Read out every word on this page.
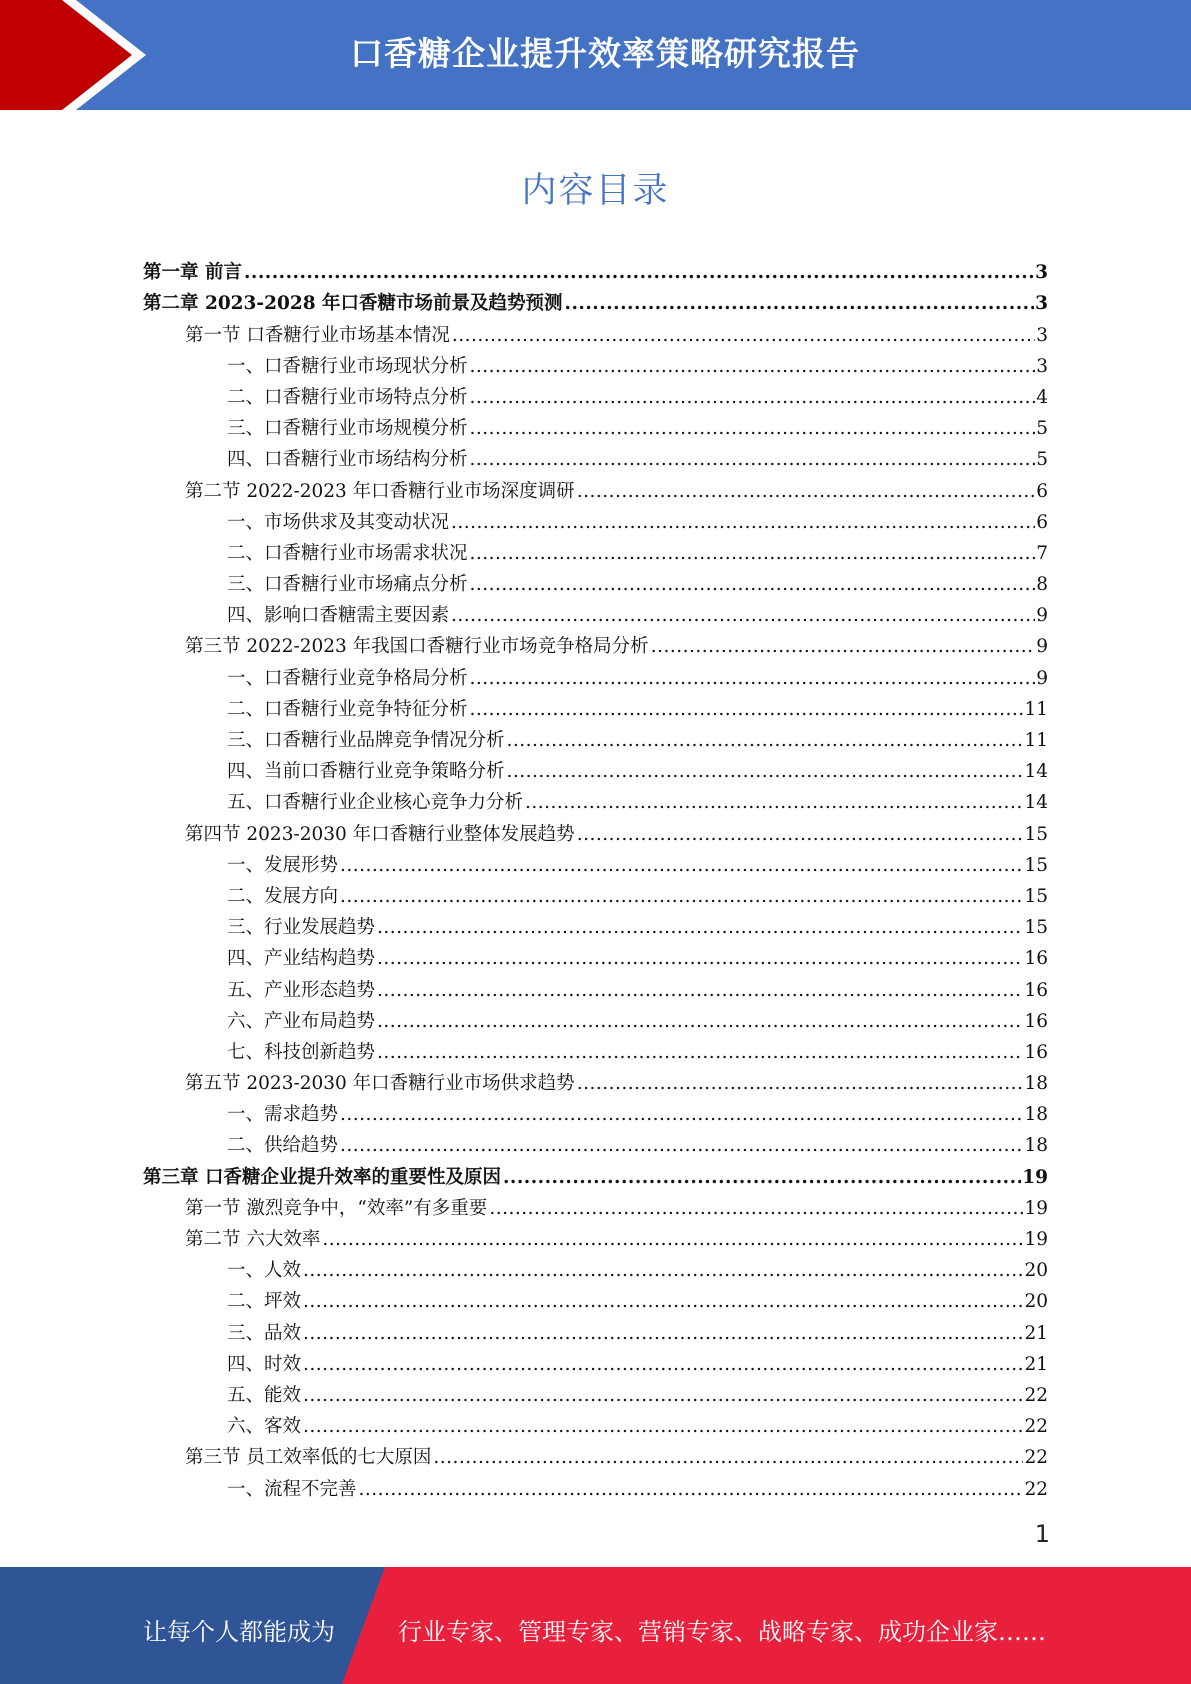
口香糖企业提升效率策略研究报告
内容目录
第一章 前言 .....	3
第二章 2023-2028 年口香糖市场前景及趋势预测 .....	3
第一节 口香糖行业市场基本情况 .....	3
一、口香糖行业市场现状分析 .....	3
二、口香糖行业市场特点分析 .....	4
三、口香糖行业市场规模分析 .....	5
四、口香糖行业市场结构分析 .....	5
第二节 2022-2023 年口香糖行业市场深度调研 .....	6
一、市场供求及其变动状况 .....	6
二、口香糖行业市场需求状况 .....	7
三、口香糖行业市场痛点分析 .....	8
四、影响口香糖需主要因素 .....	9
第三节 2022-2023 年我国口香糖行业市场竞争格局分析 .....	9
一、口香糖行业竞争格局分析 .....	9
二、口香糖行业竞争特征分析 .....	11
三、口香糖行业品牌竞争情况分析 .....	11
四、当前口香糖行业竞争策略分析 .....	14
五、口香糖行业企业核心竞争力分析 .....	14
第四节 2023-2030 年口香糖行业整体发展趋势 .....	15
一、发展形势 .....	15
二、发展方向 .....	15
三、行业发展趋势 .....	15
四、产业结构趋势 .....	16
五、产业形态趋势 .....	16
六、产业布局趋势 .....	16
七、科技创新趋势 .....	16
第五节 2023-2030 年口香糖行业市场供求趋势 .....	18
一、需求趋势 .....	18
二、供给趋势 .....	18
第三章 口香糖企业提升效率的重要性及原因 .....	19
第一节 激烈竞争中，“效率”有多重要 .....	19
第二节 六大效率 .....	19
一、人效 .....	20
二、坪效 .....	20
三、品效 .....	21
四、时效 .....	21
五、能效 .....	22
六、客效 .....	22
第三节 员工效率低的七大原因 .....	22
一、流程不完善 .....	22
1
让每个人都能成为	行业专家、管理专家、营销专家、战略专家、成功企业家……
